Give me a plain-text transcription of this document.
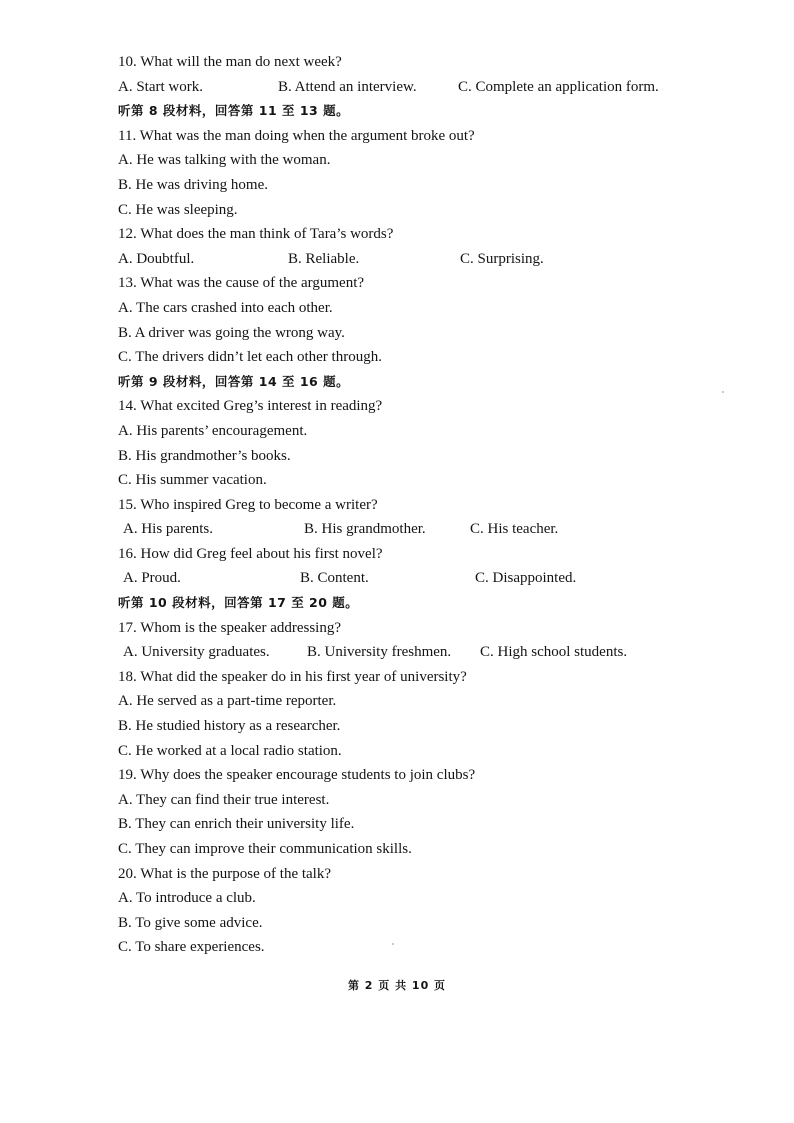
10. What will the man do next week?
A. Start work.	B. Attend an interview.	C. Complete an application form.
听第 8 段材料，回答第 11 至 13 题。
11. What was the man doing when the argument broke out?
A. He was talking with the woman.
B. He was driving home.
C. He was sleeping.
12. What does the man think of Tara’s words?
A. Doubtful.	B. Reliable.	C. Surprising.
13. What was the cause of the argument?
A. The cars crashed into each other.
B. A driver was going the wrong way.
C. The drivers didn’t let each other through.
听第 9 段材料，回答第 14 至 16 题。
14. What excited Greg’s interest in reading?
A. His parents’ encouragement.
B. His grandmother’s books.
C. His summer vacation.
15. Who inspired Greg to become a writer?
A. His parents.	B. His grandmother.	C. His teacher.
16. How did Greg feel about his first novel?
A. Proud.	B. Content.	C. Disappointed.
听第 10 段材料，回答第 17 至 20 题。
17. Whom is the speaker addressing?
A. University graduates. B. University freshmen. C. High school students.
18. What did the speaker do in his first year of university?
A. He served as a part-time reporter.
B. He studied history as a researcher.
C. He worked at a local radio station.
19. Why does the speaker encourage students to join clubs?
A. They can find their true interest.
B. They can enrich their university life.
C. They can improve their communication skills.
20. What is the purpose of the talk?
A. To introduce a club.
B. To give some advice.
C. To share experiences.
第 2 页 共 10 页
